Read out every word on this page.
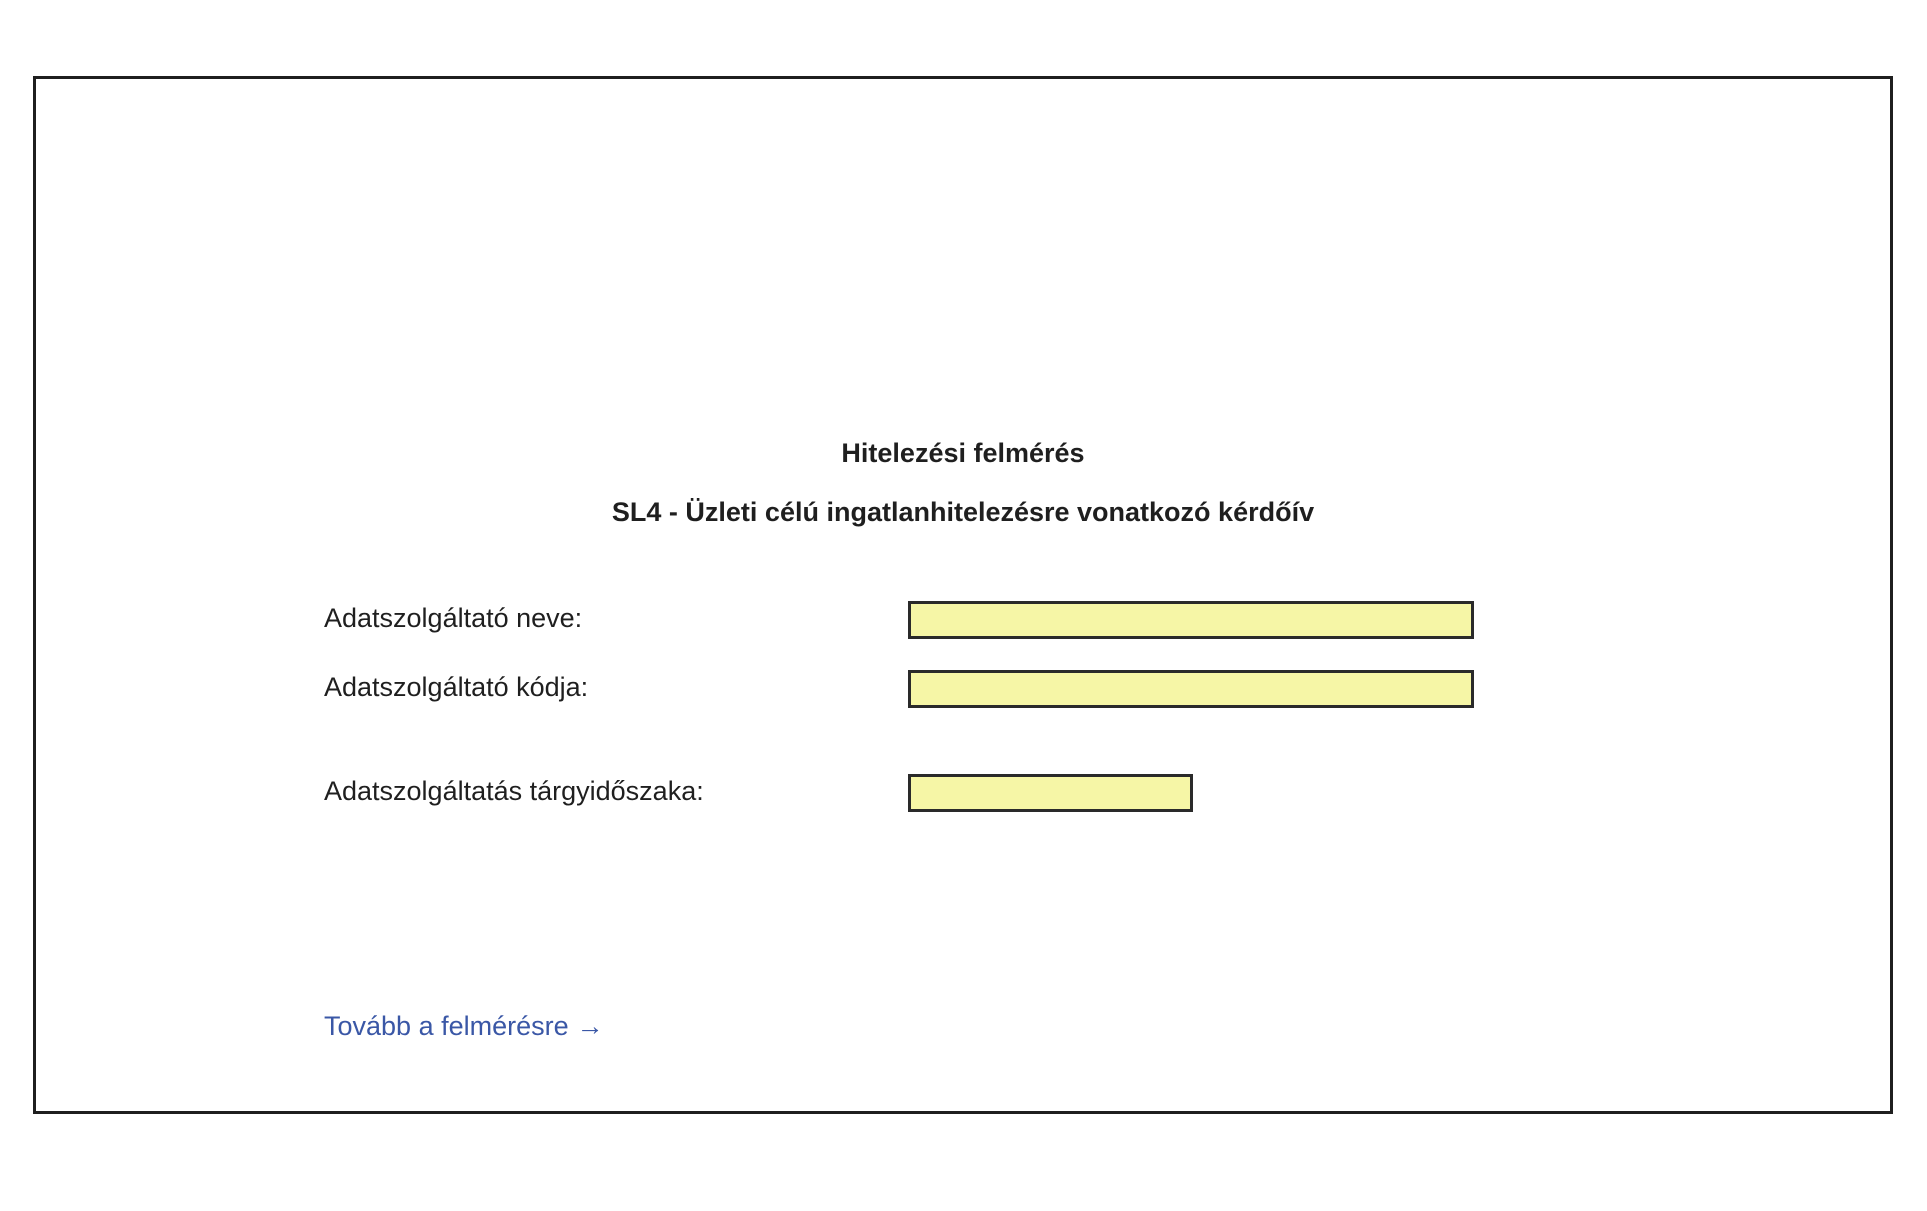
Hitelezési felmérés
SL4 - Üzleti célú ingatlanhitelezésre vonatkozó kérdőív
Adatszolgáltató neve:
Adatszolgáltató kódja:
Adatszolgáltatás tárgyidőszaka:
Tovább a felmérésre →
